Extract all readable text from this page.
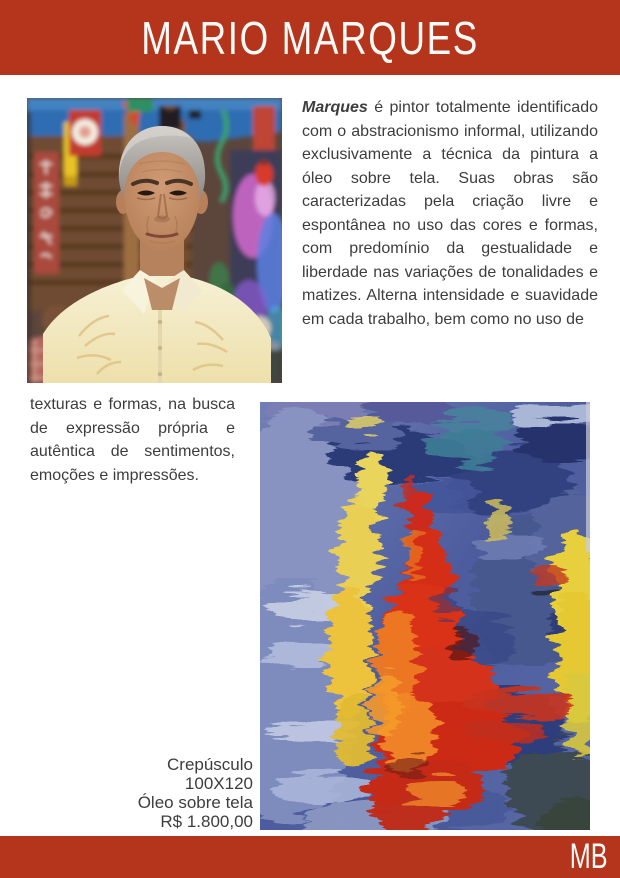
MARIO MARQUES

Marques é pintor totalmente identificado com o abstracionismo informal, utilizando exclusivamente a técnica da pintura a óleo sobre tela. Suas obras são caracterizadas pela criação livre e espontânea no uso das cores e formas, com predomínio da gestualidade e liberdade nas variações de tonalidades e matizes. Alterna intensidade e suavidade em cada trabalho, bem como no uso de

texturas e formas, na busca de expressão própria e autêntica de sentimentos, emoções e impressões.

Crepúsculo
100X120
Óleo sobre tela
R$ 1.800,00
MB
